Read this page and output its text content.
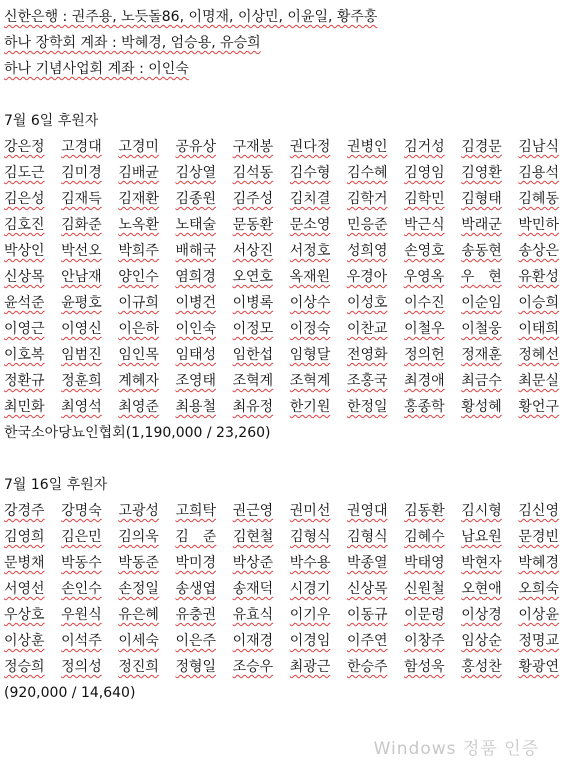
신한은행 : 권주용, 노듯돌86, 이명재, 이상민, 이윤일, 황주홍
하나 장학회 계좌 : 박혜경, 엄승용, 유승희
하나 기념사업회 계좌 : 이인숙
7월 6일 후원자
강은정 고경대 고경미 공유상 구재봉 권다정 권병인 김거성 김경문 김남식
김도근 김미경 김배균 김상열 김석동 김수형 김수혜 김영임 김영환 김용석
김은성 김재득 김재환 김종원 김주성 김치결 김학거 김학민 김형태 김혜동
김호진 김화준 노옥환 노태술 문동환 문소영 민응준 박근식 박래군 박민하
박상인 박선오 박희주 배해국 서상진 서정호 성희영 손영호 송동현 송상은
신상목 안남재 양인수 염희경 오연호 옥재원 우경아 우영옥 우　현 유환성
윤석준 윤평호 이규희 이병건 이병록 이상수 이성호 이수진 이순임 이승희
이영근 이영신 이은하 이인숙 이정모 이정숙 이찬교 이철우 이철웅 이태희
이호복 임범진 임인목 임태성 임한섭 임형달 전영화 정의헌 정재훈 정혜선
정환규 정훈희 계혜자 조영태 조혁계 조혁계 조홍국 최경애 최금수 최문실
최민화 최영석 최영준 최용철 최유정 한기원 한정일 홍종학 황성혜 황언구
한국소아당뇨인협회(1,190,000 / 23,260)
7월 16일 후원자
강경주 강명숙 고광성 고희탁 권근영 권미선 권영대 김동환 김시형 김신영
김영희 김은민 김의욱 김　준 김현철 김형식 김형식 김혜수 남요원 문경빈
문병채 박동수 박동준 박미경 박상준 박수용 박종열 박태영 박현자 박혜경
서영선 손인수 손정일 송생엽 송재덕 시경기 신상목 신원철 오현애 오희숙
우상호 우원식 유은혜 유충권 유효식 이기우 이동규 이문령 이상경 이상윤
이상훈 이석주 이세숙 이은주 이재경 이경임 이주연 이창주 임상순 정명교
정승희 정의성 정진희 정형일 조승우 최광근 한승주 함성욱 홍성찬 황광연
(920,000 / 14,640)
Windows 정품 인증
